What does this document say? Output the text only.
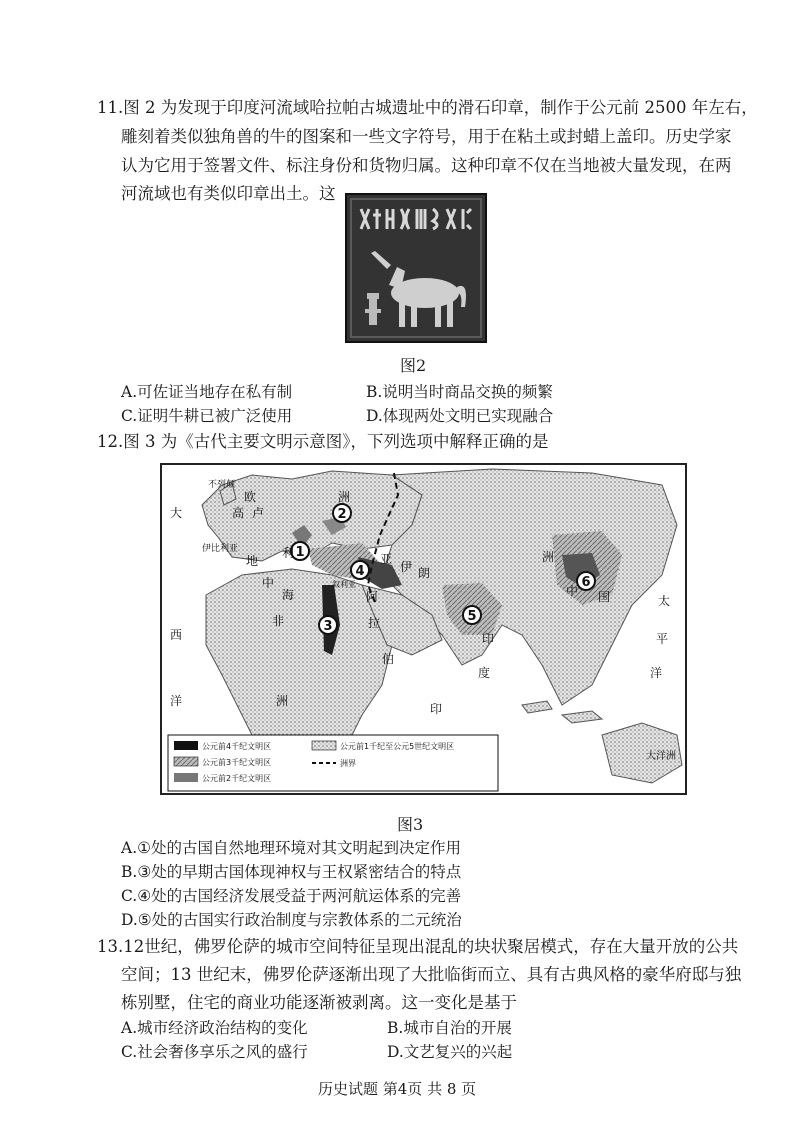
11.图 2 为发现于印度河流域哈拉帕古城遗址中的滑石印章，制作于公元前 2500 年左右，
雕刻着类似独角兽的牛的图案和一些文字符号，用于在粘土或封蜡上盖印。历史学家
认为它用于签署文件、标注身份和货物归属。这种印章不仅在当地被大量发现，在两
河流域也有类似印章出土。这
图2
A.可佐证当地存在私有制	B.说明当时商品交换的频繁
C.证明牛耕已被广泛使用	D.体现两处文明已实现融合
12.图 3 为《古代主要文明示意图》，下列选项中解释正确的是
1
2
3
4
5
6
不列颠
欧
高 卢
洲
大
西
洋
伊比利亚
地
中
海
利
非
洲
叙利亚
亚
伊 朗
阿
拉
伯
印
度
印
洲
中 国	太
平
洋
大洋洲
公元前4千纪文明区
公元前3千纪文明区
公元前2千纪文明区
公元前1千纪至公元5世纪文明区
洲界
图3
A.①处的古国自然地理环境对其文明起到决定作用
B.③处的早期古国体现神权与王权紧密结合的特点
C.④处的古国经济发展受益于两河航运体系的完善
D.⑤处的古国实行政治制度与宗教体系的二元统治
13.12世纪，佛罗伦萨的城市空间特征呈现出混乱的块状聚居模式，存在大量开放的公共
空间；13 世纪末，佛罗伦萨逐渐出现了大批临街而立、具有古典风格的豪华府邸与独
栋别墅，住宅的商业功能逐渐被剥离。这一变化是基于
A.城市经济政治结构的变化	B.城市自治的开展
C.社会奢侈享乐之风的盛行	D.文艺复兴的兴起
历史试题 第4页 共 8 页
